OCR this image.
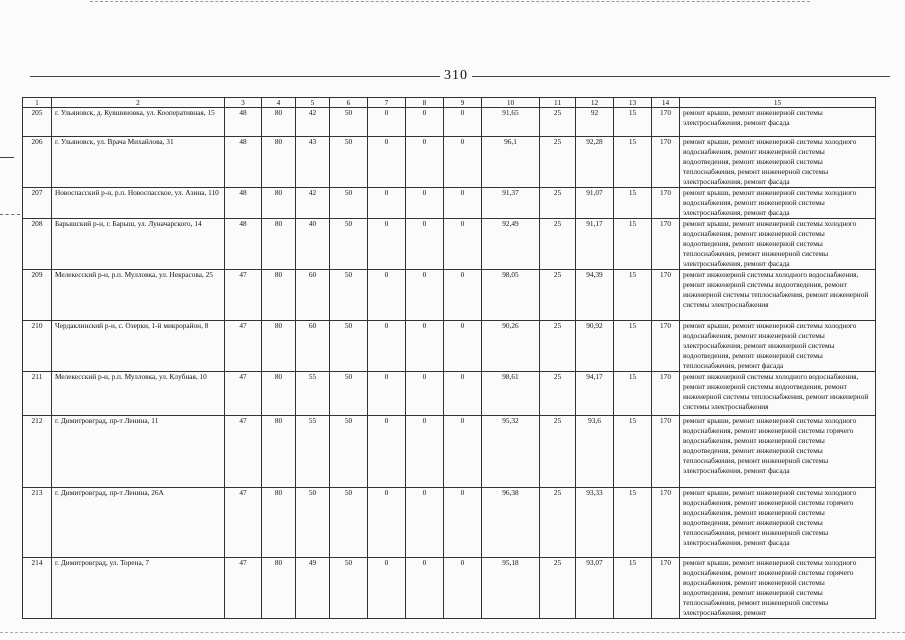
310
1	2	3	4	5	6	7	8	9	10	11	12	13	14	15
205	г. Ульяновск, д. Кувшиновка, ул. Кооперативная, 15	48	80	42	50	0	0	0	91,65	25	92	15	170	ремонт крыши, ремонт инженерной системы электроснабжения, ремонт фасада
206	г. Ульяновск, ул. Врача Михайлова, 31	48	80	43	50	0	0	0	96,1	25	92,28	15	170	ремонт крыши, ремонт инженерной системы холодного водоснабжения, ремонт инженерной системы водоотведения, ремонт инженерной системы теплоснабжения, ремонт инженерной системы электроснабжения, ремонт фасада
207	Новоспасский р-н, р.п. Новоспасское, ул. Азина, 110	48	80	42	50	0	0	0	91,37	25	91,07	15	170	ремонт крыши, ремонт инженерной системы холодного водоснабжения, ремонт инженерной системы электроснабжения, ремонт фасада
208	Барышский р-н, г. Барыш, ул. Луначарского, 14	48	80	40	50	0	0	0	92,49	25	91,17	15	170	ремонт крыши, ремонт инженерной системы холодного водоснабжения, ремонт инженерной системы водоотведения, ремонт инженерной системы теплоснабжения, ремонт инженерной системы электроснабжения, ремонт фасада
209	Мелекесский р-н, р.п. Мулловка, ул. Некрасова, 25	47	80	60	50	0	0	0	98,05	25	94,39	15	170	ремонт инженерной системы холодного водоснабжения, ремонт инженерной системы водоотведения, ремонт инженерной системы теплоснабжения, ремонт инженерной системы электроснабжения
210	Чердаклинский р-н, с. Озерки, 1-й микрорайон, 8	47	80	60	50	0	0	0	90,26	25	90,92	15	170	ремонт крыши, ремонт инженерной системы холодного водоснабжения, ремонт инженерной системы электроснабжения, ремонт инженерной системы водоотведения, ремонт инженерной системы теплоснабжения, ремонт фасада
211	Мелекесский р-н, р.п. Мулловка, ул. Клубная, 10	47	80	55	50	0	0	0	98,61	25	94,17	15	170	ремонт инженерной системы холодного водоснабжения, ремонт инженерной системы водоотведения, ремонт инженерной системы теплоснабжения, ремонт инженерной системы электроснабжения
212	г. Димитровград, пр-т Ленина, 11	47	80	55	50	0	0	0	95,32	25	93,6	15	170	ремонт крыши, ремонт инженерной системы холодного водоснабжения, ремонт инженерной системы горячего водоснабжения, ремонт инженерной системы водоотведения, ремонт инженерной системы теплоснабжения, ремонт инженерной системы электроснабжения, ремонт фасада
213	г. Димитровград, пр-т Ленина, 26А	47	80	50	50	0	0	0	96,38	25	93,33	15	170	ремонт крыши, ремонт инженерной системы холодного водоснабжения, ремонт инженерной системы горячего водоснабжения, ремонт инженерной системы водоотведения, ремонт инженерной системы теплоснабжения, ремонт инженерной системы электроснабжения, ремонт фасада
214	г. Димитровград, ул. Торена, 7	47	80	49	50	0	0	0	95,18	25	93,07	15	170	ремонт крыши, ремонт инженерной системы холодного водоснабжения, ремонт инженерной системы горячего водоснабжения, ремонт инженерной системы водоотведения, ремонт инженерной системы теплоснабжения, ремонт инженерной системы электроснабжения, ремонт
